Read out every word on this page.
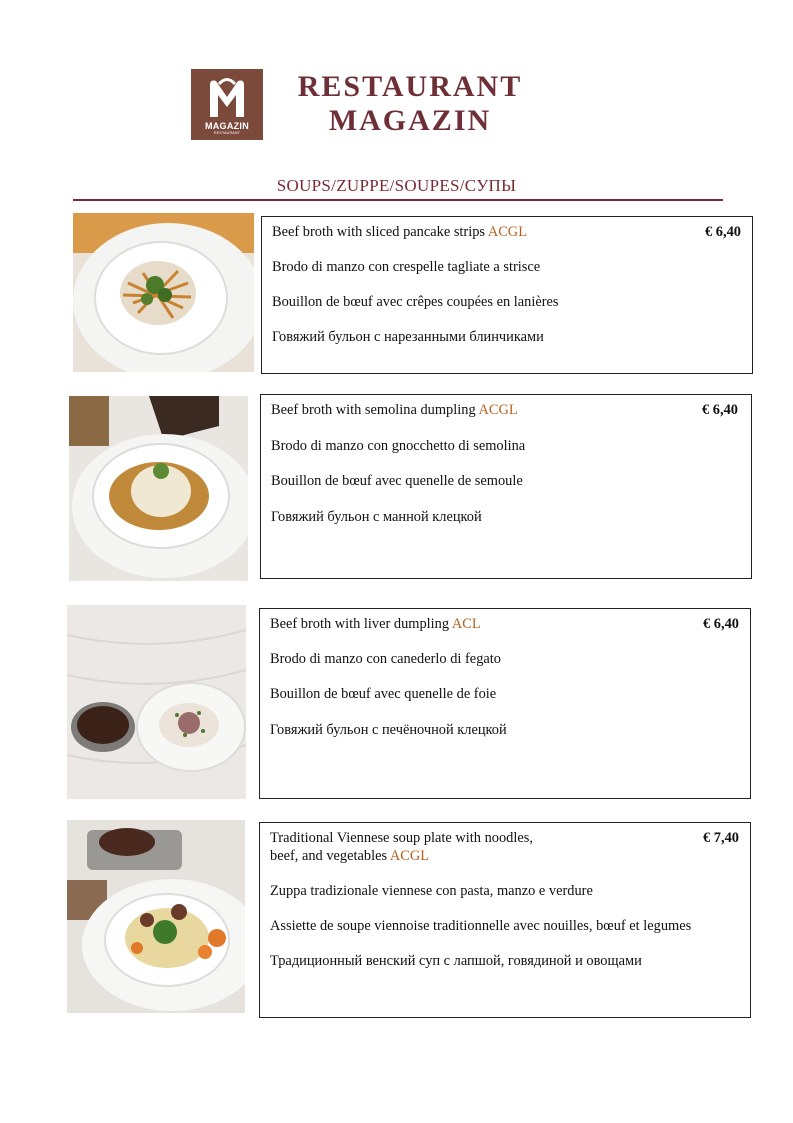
MAGAZIN
RESTAURANT
RESTAURANT
MAGAZIN
SOUPS/ZUPPE/SOUPES/СУПЫ
Beef broth with sliced pancake strips ACGL	€ 6,40
Brodo di manzo con crespelle tagliate a strisce
Bouillon de bœuf avec crêpes coupées en lanières
Говяжий бульон с нарезанными блинчиками
Beef broth with semolina dumpling ACGL	€ 6,40
Brodo di manzo con gnocchetto di semolina
Bouillon de bœuf avec quenelle de semoule
Говяжий бульон с манной клецкой
Beef broth with liver dumpling ACL	€ 6,40
Brodo di manzo con canederlo di fegato
Bouillon de bœuf avec quenelle de foie
Говяжий бульон с печёночной клецкой
Traditional Viennese soup plate with noodles,
beef, and vegetables ACGL
€ 7,40
Zuppa tradizionale viennese con pasta, manzo e verdure
Assiette de soupe viennoise traditionnelle avec nouilles, bœuf et legumes
Традиционный венский суп с лапшой, говядиной и овощами
